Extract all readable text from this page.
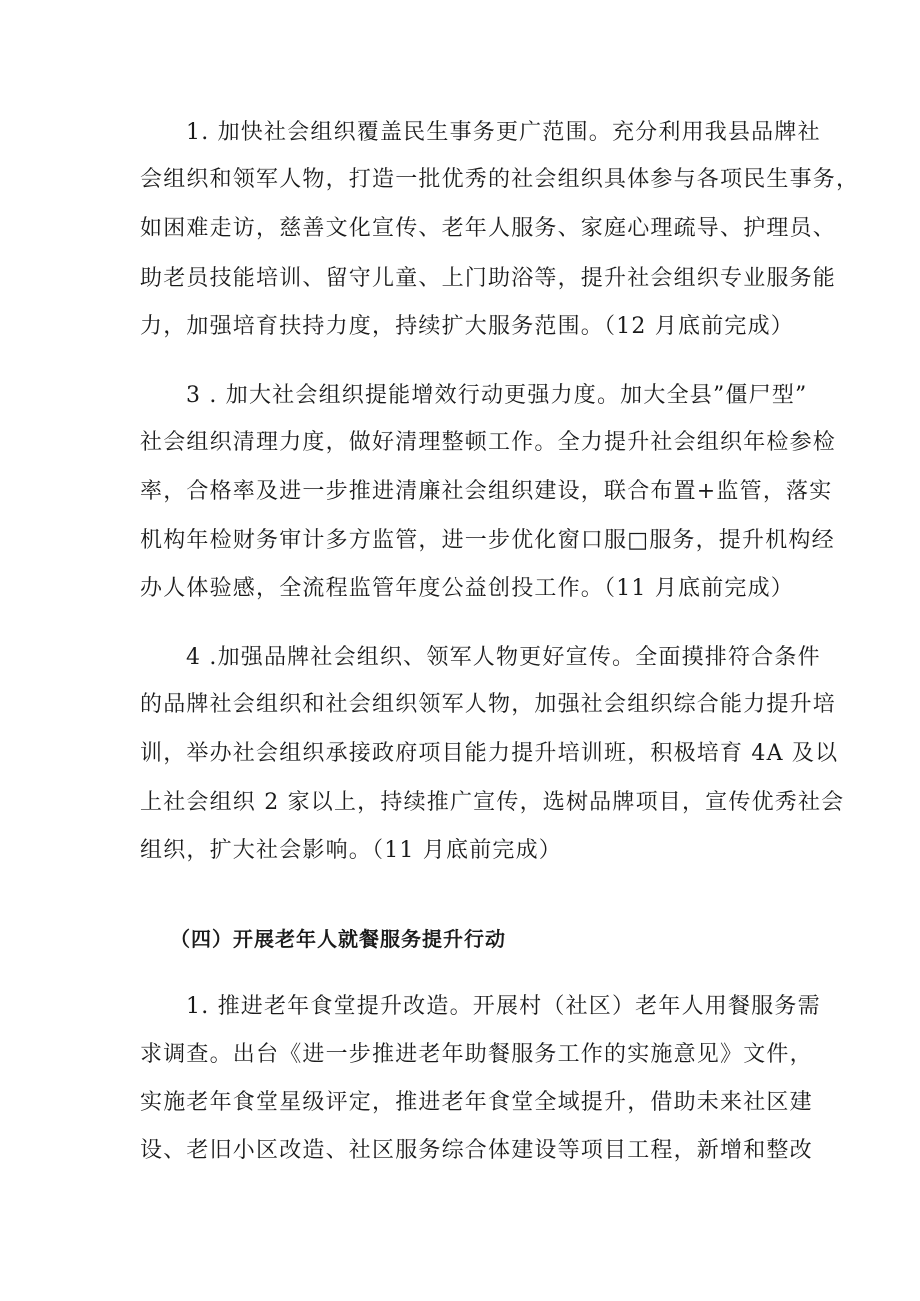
1. 加快社会组织覆盖民生事务更广范围。充分利用我县品牌社
会组织和领军人物，打造一批优秀的社会组织具体参与各项民生事务，
如困难走访，慈善文化宣传、老年人服务、家庭心理疏导、护理员、
助老员技能培训、留守儿童、上门助浴等，提升社会组织专业服务能
力，加强培育扶持力度，持续扩大服务范围。（12 月底前完成）
3 . 加大社会组织提能增效行动更强力度。加大全县”僵尸型”
社会组织清理力度，做好清理整顿工作。全力提升社会组织年检参检
率，合格率及进一步推进清廉社会组织建设，联合布置+监管，落实
机构年检财务审计多方监管，进一步优化窗口服□服务，提升机构经
办人体验感，全流程监管年度公益创投工作。（11 月底前完成）
4 .加强品牌社会组织、领军人物更好宣传。全面摸排符合条件
的品牌社会组织和社会组织领军人物，加强社会组织综合能力提升培
训，举办社会组织承接政府项目能力提升培训班，积极培育 4A 及以
上社会组织 2 家以上，持续推广宣传，选树品牌项目，宣传优秀社会
组织，扩大社会影响。（11 月底前完成）
（四）开展老年人就餐服务提升行动
1. 推进老年食堂提升改造。开展村（社区）老年人用餐服务需
求调查。出台《进一步推进老年助餐服务工作的实施意见》文件，
实施老年食堂星级评定，推进老年食堂全域提升，借助未来社区建
设、老旧小区改造、社区服务综合体建设等项目工程，新增和整改
